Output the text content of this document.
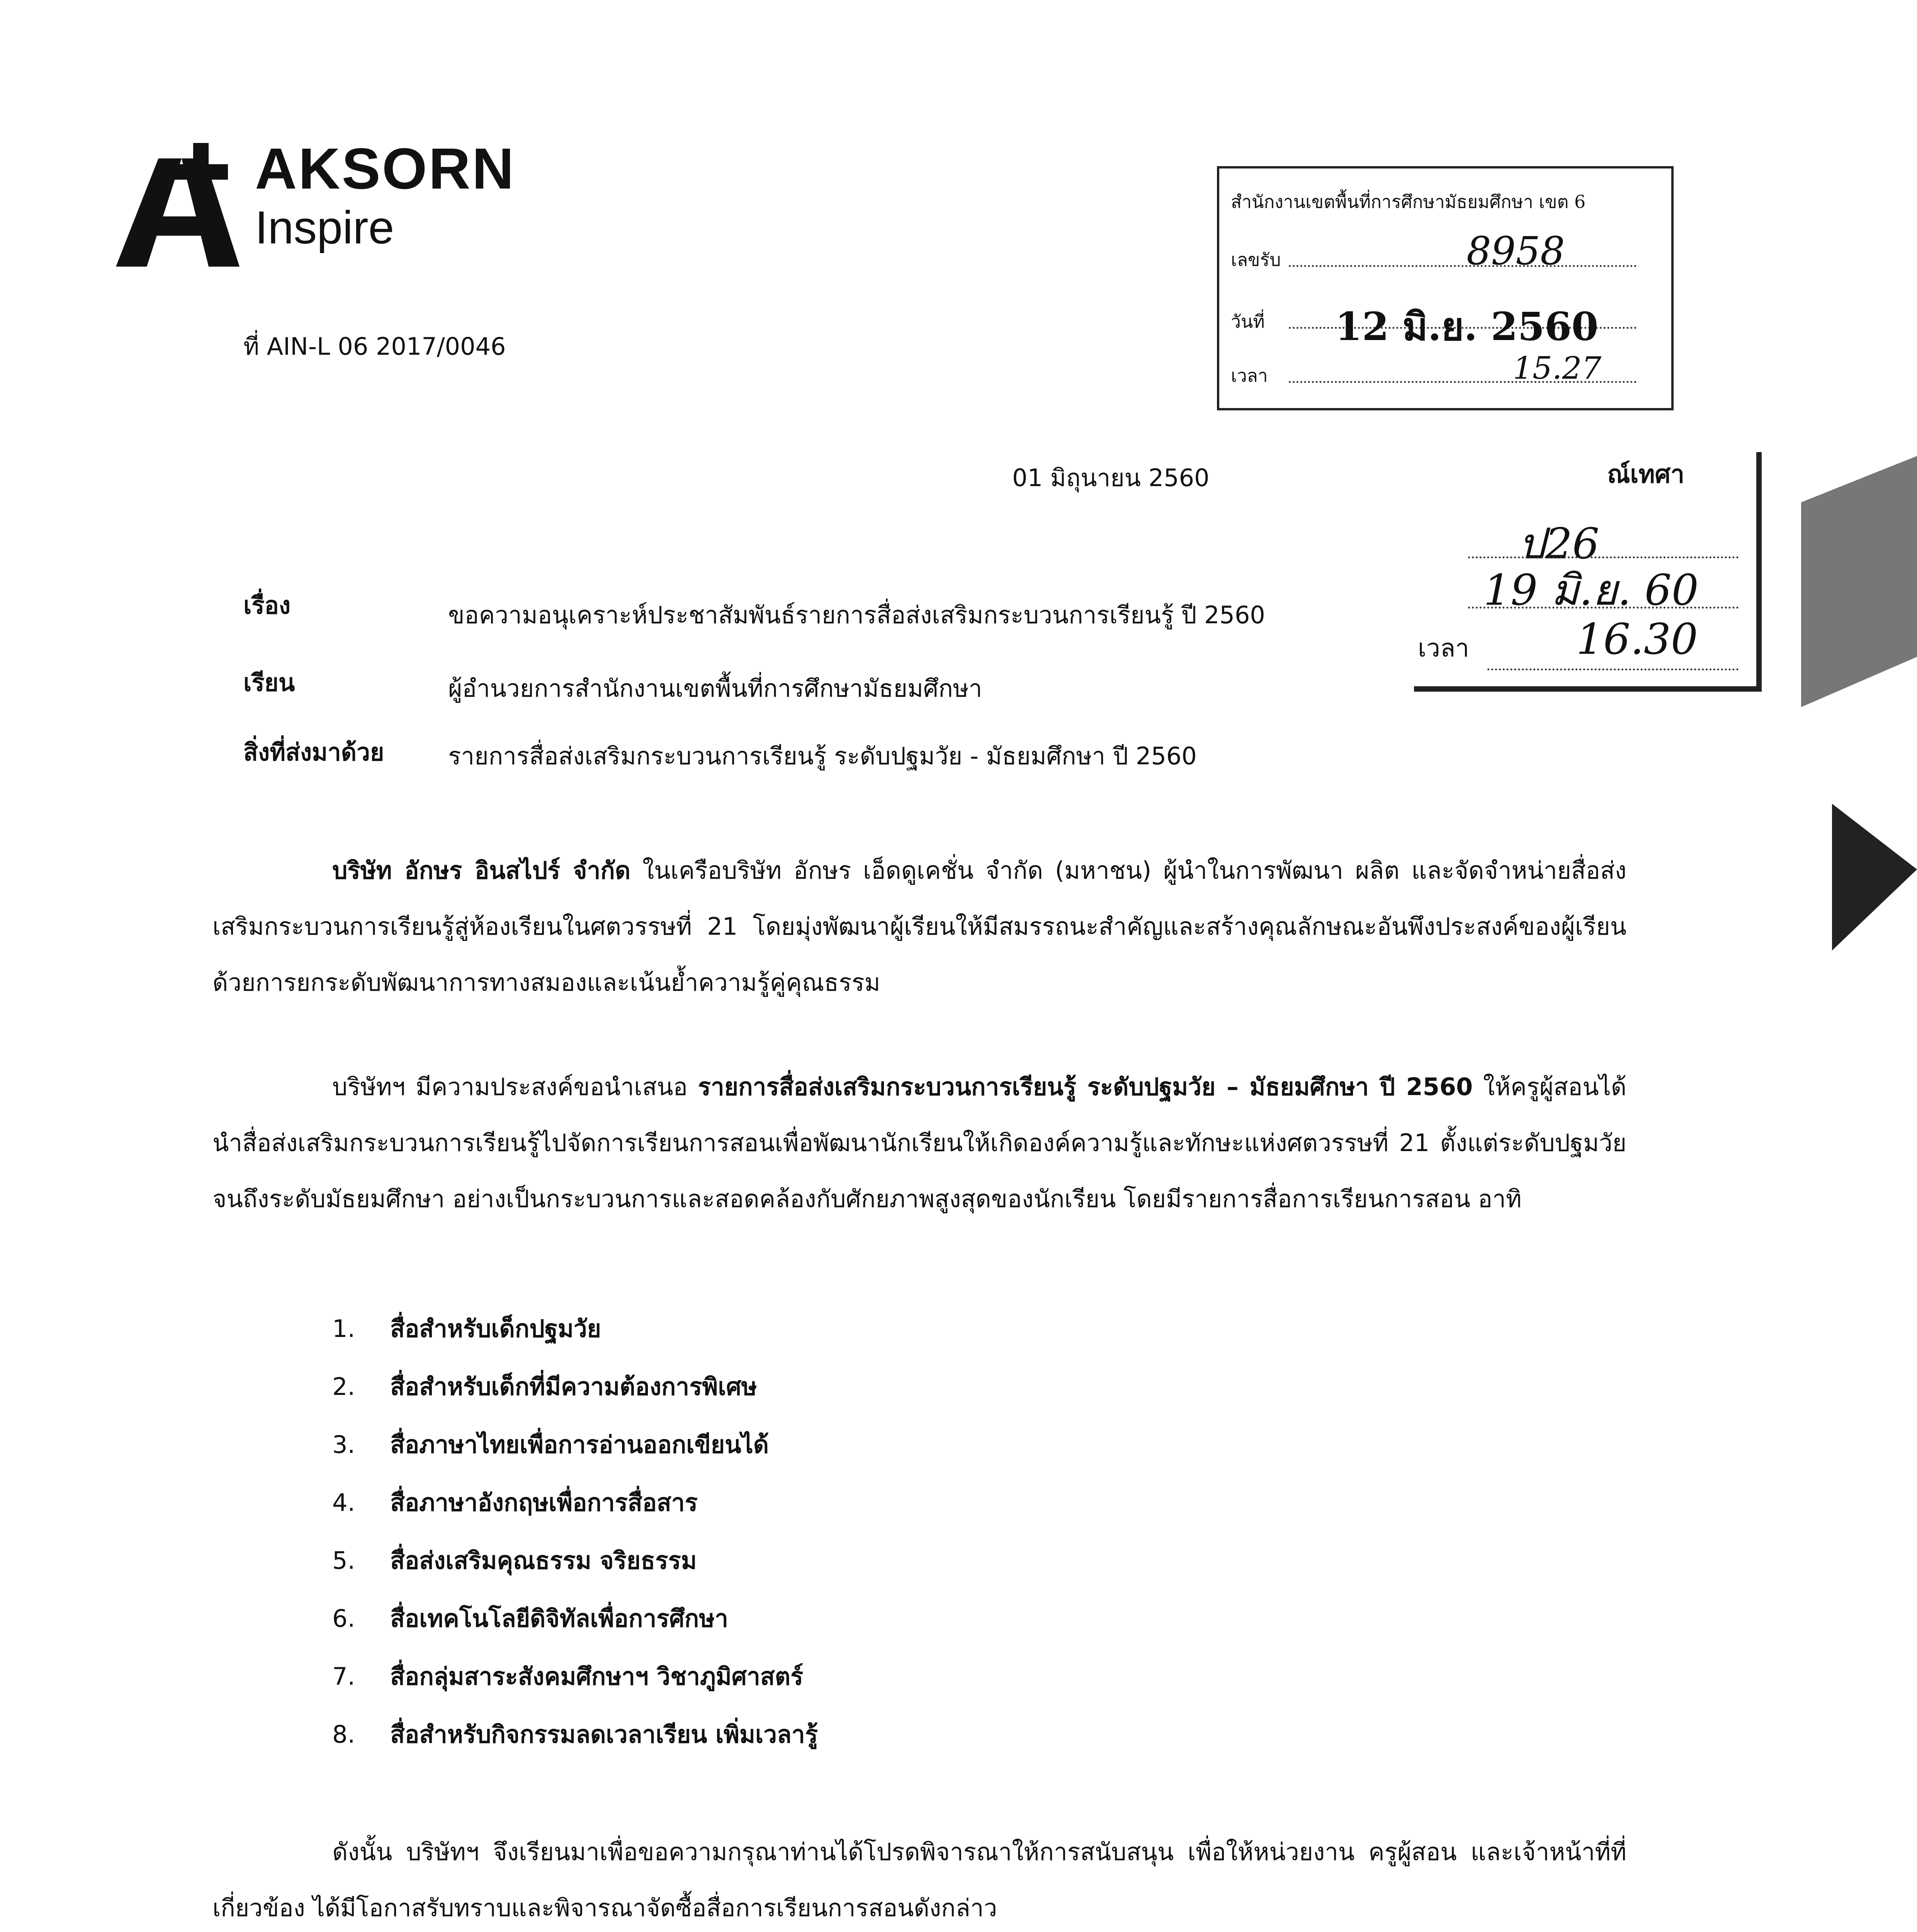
AKSORN
Inspire
ที่ AIN-L 06 2017/0046
สำนักงานเขตพื้นที่การศึกษามัธยมศึกษา เขต 6
เลขรับ	8958
วันที่ 12 มิ.ย. 2560
เวลา	15.27
01 มิถุนายน 2560	ณ์เทศา
ป26
19 มิ.ย. 60
เวลา	16.30
เรื่อง	ขอความอนุเคราะห์ประชาสัมพันธ์รายการสื่อส่งเสริมกระบวนการเรียนรู้ ปี 2560
เรียน	ผู้อำนวยการสำนักงานเขตพื้นที่การศึกษามัธยมศึกษา
สิ่งที่ส่งมาด้วย	รายการสื่อส่งเสริมกระบวนการเรียนรู้ ระดับปฐมวัย - มัธยมศึกษา ปี 2560

บริษัท อักษร อินสไปร์ จำกัด ในเครือบริษัท อักษร เอ็ดดูเคชั่น จำกัด (มหาชน) ผู้นำในการพัฒนา ผลิต และจัดจำหน่ายสื่อส่งเสริมกระบวนการเรียนรู้สู่ห้องเรียนในศตวรรษที่ 21 โดยมุ่งพัฒนาผู้เรียนให้มีสมรรถนะสำคัญและสร้างคุณลักษณะอันพึงประสงค์ของผู้เรียน ด้วยการยกระดับพัฒนาการทางสมองและเน้นย้ำความรู้คู่คุณธรรม

บริษัทฯ มีความประสงค์ขอนำเสนอ รายการสื่อส่งเสริมกระบวนการเรียนรู้ ระดับปฐมวัย – มัธยมศึกษา ปี 2560 ให้ครูผู้สอนได้นำสื่อส่งเสริมกระบวนการเรียนรู้ไปจัดการเรียนการสอนเพื่อพัฒนานักเรียนให้เกิดองค์ความรู้และทักษะแห่งศตวรรษที่ 21 ตั้งแต่ระดับปฐมวัยจนถึงระดับมัธยมศึกษา อย่างเป็นกระบวนการและสอดคล้องกับศักยภาพสูงสุดของนักเรียน โดยมีรายการสื่อการเรียนการสอน อาทิ

1. สื่อสำหรับเด็กปฐมวัย
2. สื่อสำหรับเด็กที่มีความต้องการพิเศษ
3. สื่อภาษาไทยเพื่อการอ่านออกเขียนได้
4. สื่อภาษาอังกฤษเพื่อการสื่อสาร
5. สื่อส่งเสริมคุณธรรม จริยธรรม
6. สื่อเทคโนโลยีดิจิทัลเพื่อการศึกษา
7. สื่อกลุ่มสาระสังคมศึกษาฯ วิชาภูมิศาสตร์
8. สื่อสำหรับกิจกรรมลดเวลาเรียน เพิ่มเวลารู้

ดังนั้น บริษัทฯ จึงเรียนมาเพื่อขอความกรุณาท่านได้โปรดพิจารณาให้การสนับสนุน เพื่อให้หน่วยงาน ครูผู้สอน และเจ้าหน้าที่ที่เกี่ยวข้อง ได้มีโอกาสรับทราบและพิจารณาจัดซื้อสื่อการเรียนการสอนดังกล่าว
